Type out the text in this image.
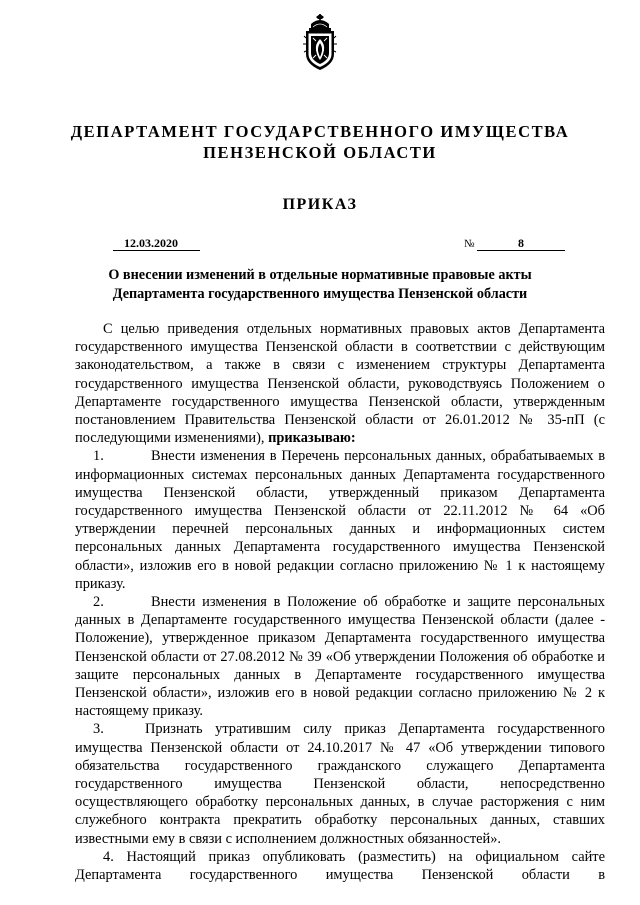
ДЕПАРТАМЕНТ ГОСУДАРСТВЕННОГО ИМУЩЕСТВА
ПЕНЗЕНСКОЙ ОБЛАСТИ
ПРИКАЗ
12.03.2020	№	8
О внесении изменений в отдельные нормативные правовые акты
Департамента государственного имущества Пензенской области

С целью приведения отдельных нормативных правовых актов Департамента государственного имущества Пензенской области в соответствии с действующим законодательством, а также в связи с изменением структуры Департамента государственного имущества Пензенской области, руководствуясь Положением о Департаменте государственного имущества Пензенской области, утвержденным постановлением Правительства Пензенской области от 26.01.2012 № 35-пП (с последующими изменениями), приказываю:

1.	Внести изменения в Перечень персональных данных, обрабатываемых в информационных системах персональных данных Департамента государственного имущества Пензенской области, утвержденный приказом Департамента государственного имущества Пензенской области от 22.11.2012 № 64 «Об утверждении перечней персональных данных и информационных систем персональных данных Департамента государственного имущества Пензенской области», изложив его в новой редакции согласно приложению № 1 к настоящему приказу.

2.	Внести изменения в Положение об обработке и защите персональных данных в Департаменте государственного имущества Пензенской области (далее - Положение), утвержденное приказом Департамента государственного имущества Пензенской области от 27.08.2012 № 39 «Об утверждении Положения об обработке и защите персональных данных в Департаменте государственного имущества Пензенской области», изложив его в новой редакции согласно приложению № 2 к настоящему приказу.

3.	Признать утратившим силу приказ Департамента государственного имущества Пензенской области от 24.10.2017 № 47 «Об утверждении типового обязательства государственного гражданского служащего Департамента государственного имущества Пензенской области, непосредственно осуществляющего обработку персональных данных, в случае расторжения с ним служебного контракта прекратить обработку персональных данных, ставших известными ему в связи с исполнением должностных обязанностей».

4. Настоящий приказ опубликовать (разместить) на официальном сайте Департамента государственного имущества Пензенской области в
